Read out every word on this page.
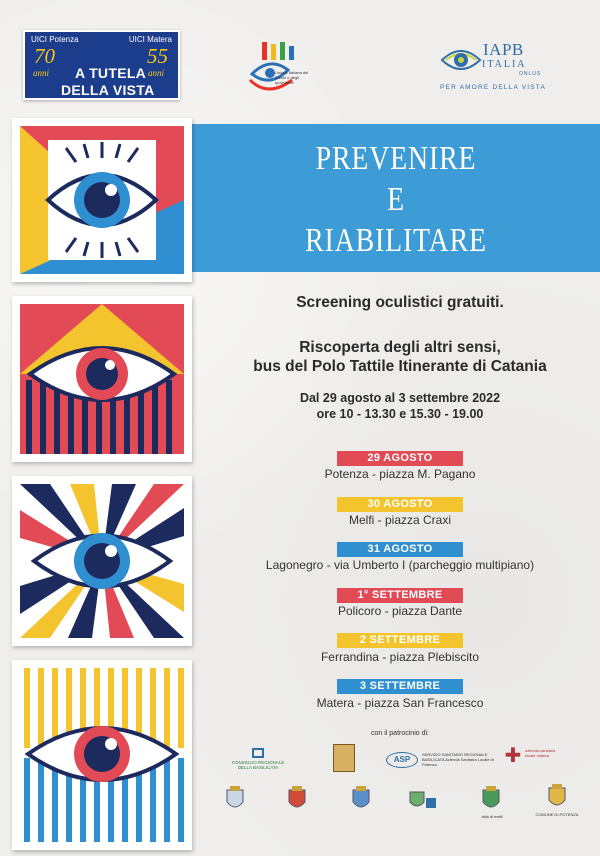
UICI Potenza	UICI Matera
70	55
anni	anni
A TUTELA
DELLA VISTA
Unione Italiana dei Ciechi e degli Ipovedenti
IAPB
ITALIA
ONLUS
PER AMORE DELLA VISTA
PREVENIRE
E
RIABILITARE
Screening oculistici gratuiti.
Riscoperta degli altri sensi,
bus del Polo Tattile Itinerante di Catania
Dal 29 agosto al 3 settembre 2022
ore 10 - 13.30 e 15.30 - 19.00
29 AGOSTO
Potenza - piazza M. Pagano
30 AGOSTO
Melfi - piazza Craxi
31 AGOSTO
Lagonegro - via Umberto I (parcheggio multipiano)
1° SETTEMBRE
Policoro - piazza Dante
2 SETTEMBRE
Ferrandina - piazza Plebiscito
3 SETTEMBRE
Matera - piazza San Francesco
con il patrocinio di:
CONSIGLIO REGIONALE DELLA BASILICATA
ASP
SERVIZIO SANITARIO REGIONALE BASILICATA Azienda Sanitaria Locale di Potenza	✚ azienda sanitaria locale matera
città di melfi	COMUNE DI POTENZA
